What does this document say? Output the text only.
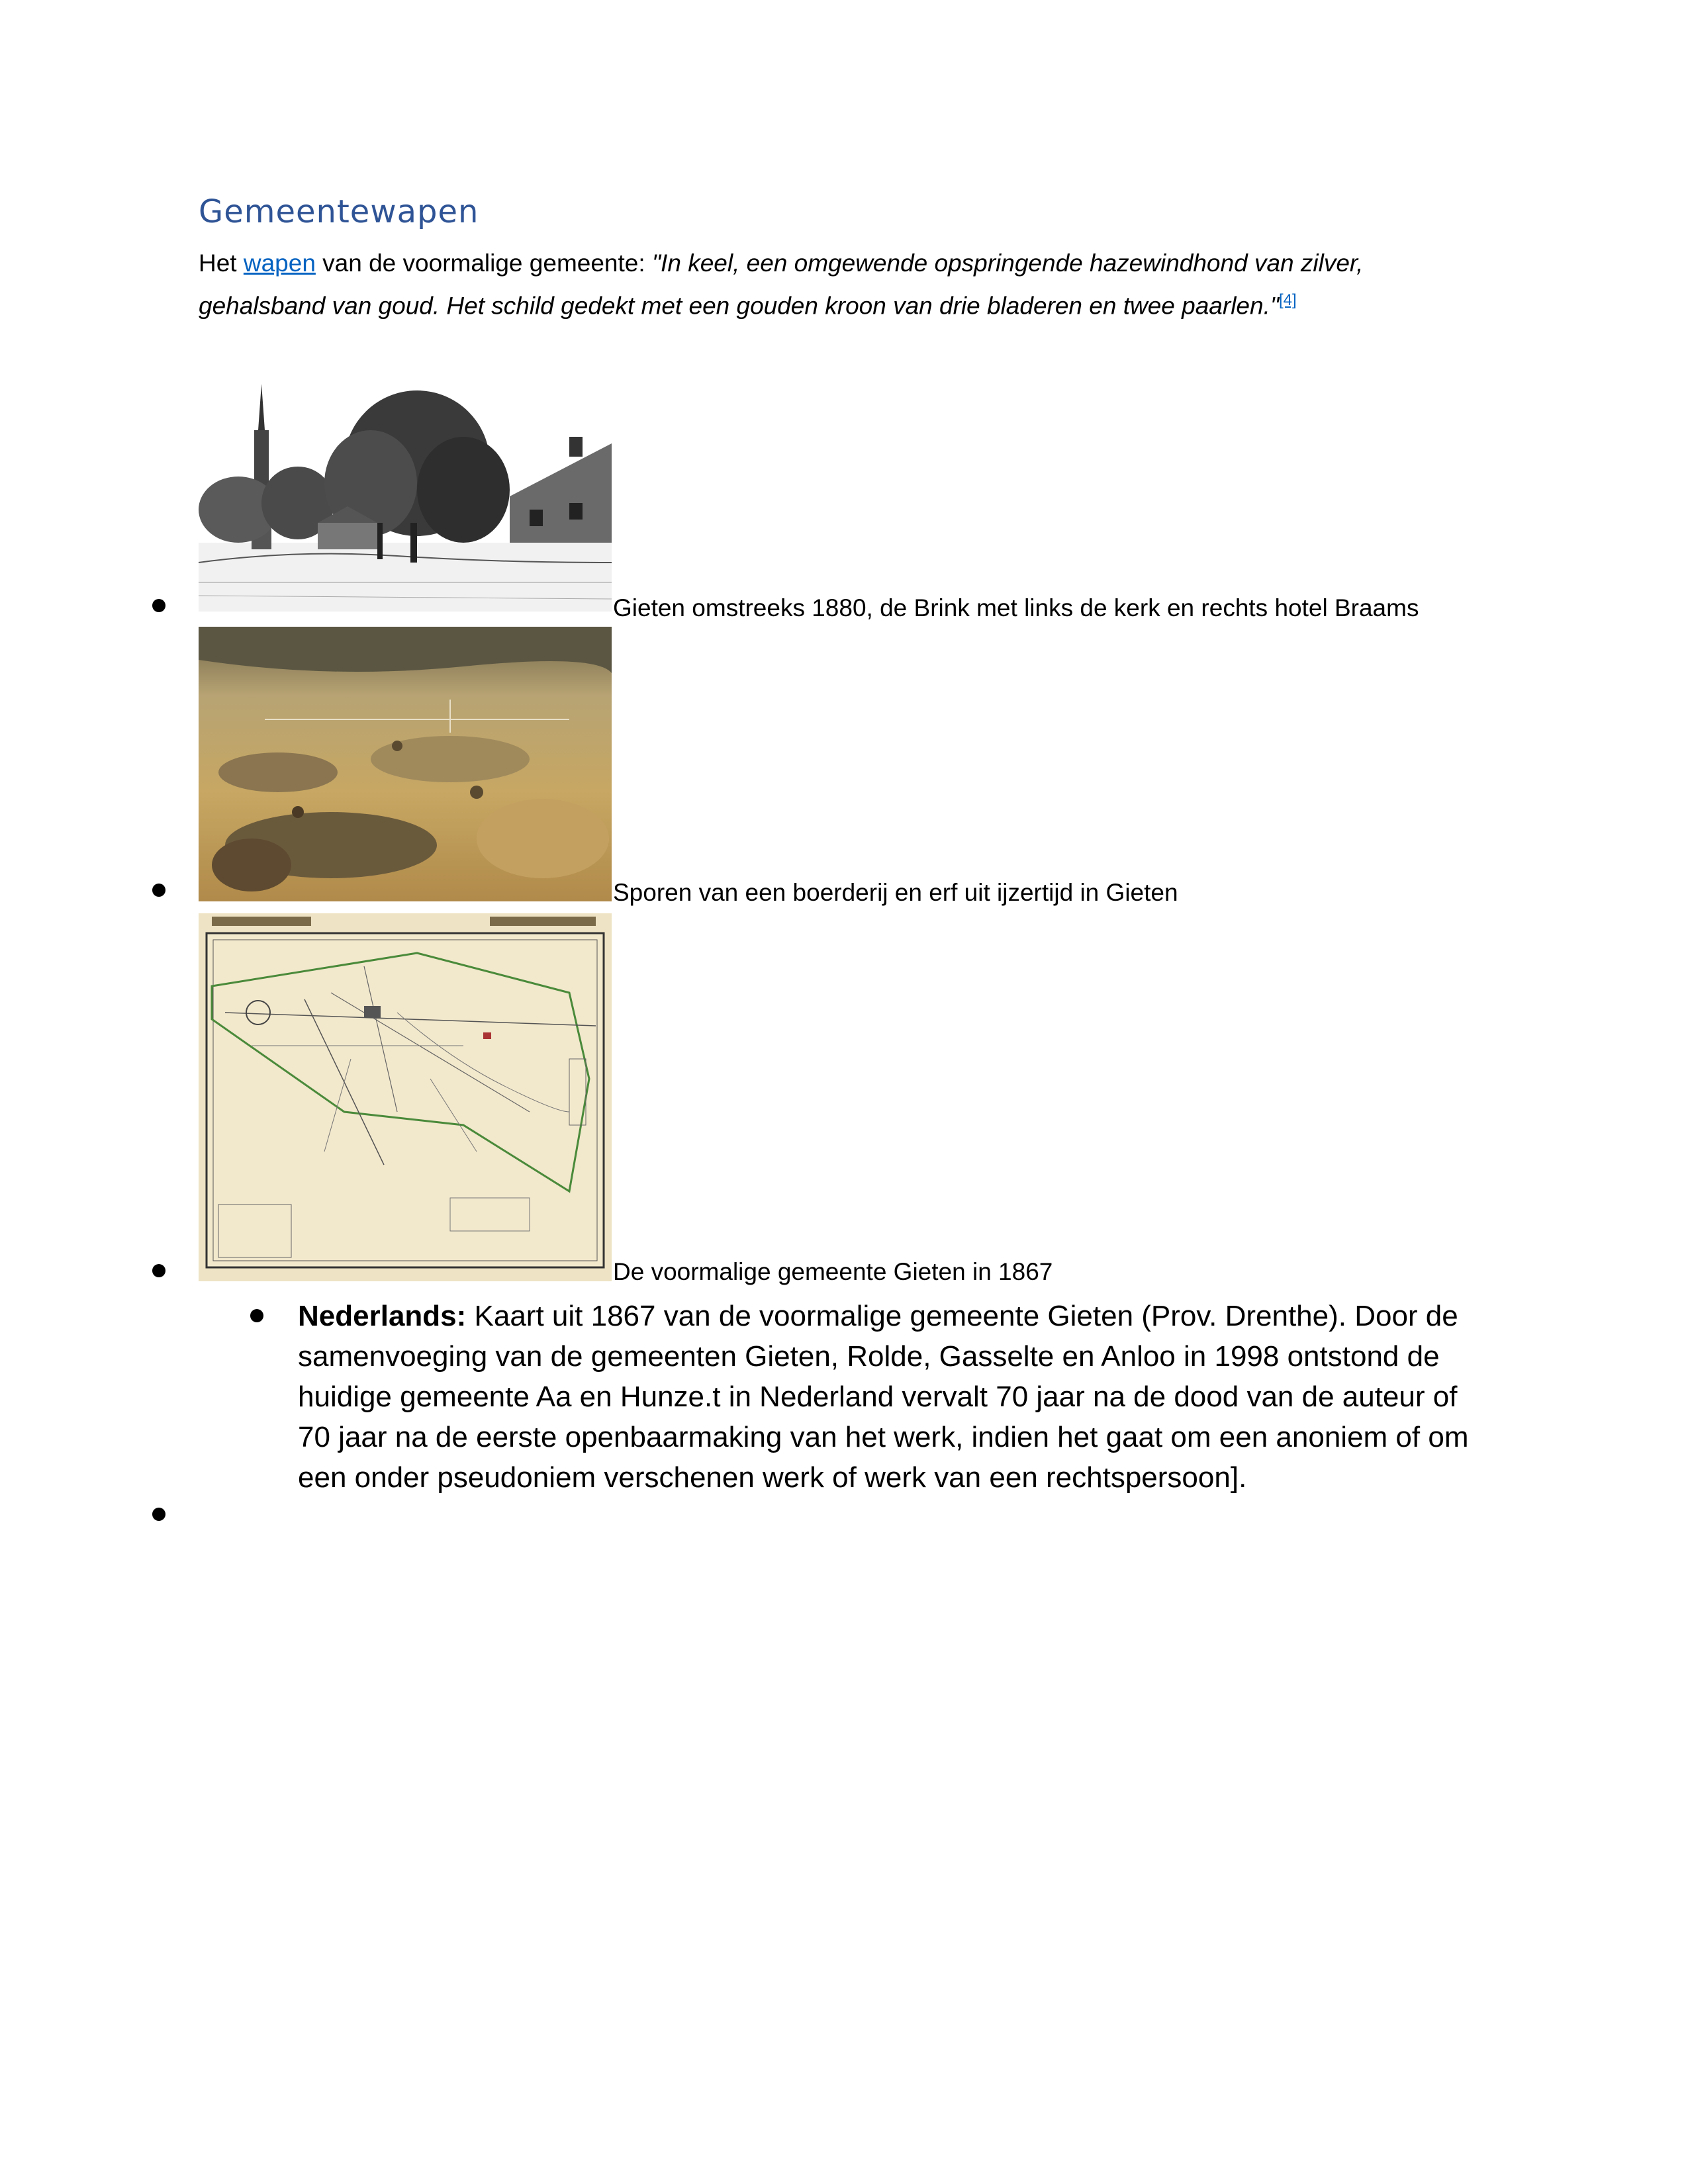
Gemeentewapen
Het wapen van de voormalige gemeente: "In keel, een omgewende opspringende hazewindhond van zilver, gehalsband van goud. Het schild gedekt met een gouden kroon van drie bladeren en twee paarlen."[4]
Gieten omstreeks 1880, de Brink met links de kerk en rechts hotel Braams
Sporen van een boerderij en erf uit ijzertijd in Gieten
De voormalige gemeente Gieten in 1867
Nederlands: Kaart uit 1867 van de voormalige gemeente Gieten (Prov. Drenthe). Door de samenvoeging van de gemeenten Gieten, Rolde, Gasselte en Anloo in 1998 ontstond de huidige gemeente Aa en Hunze.t in Nederland vervalt 70 jaar na de dood van de auteur of 70 jaar na de eerste openbaarmaking van het werk, indien het gaat om een anoniem of om een onder pseudoniem verschenen werk of werk van een rechtspersoon].
